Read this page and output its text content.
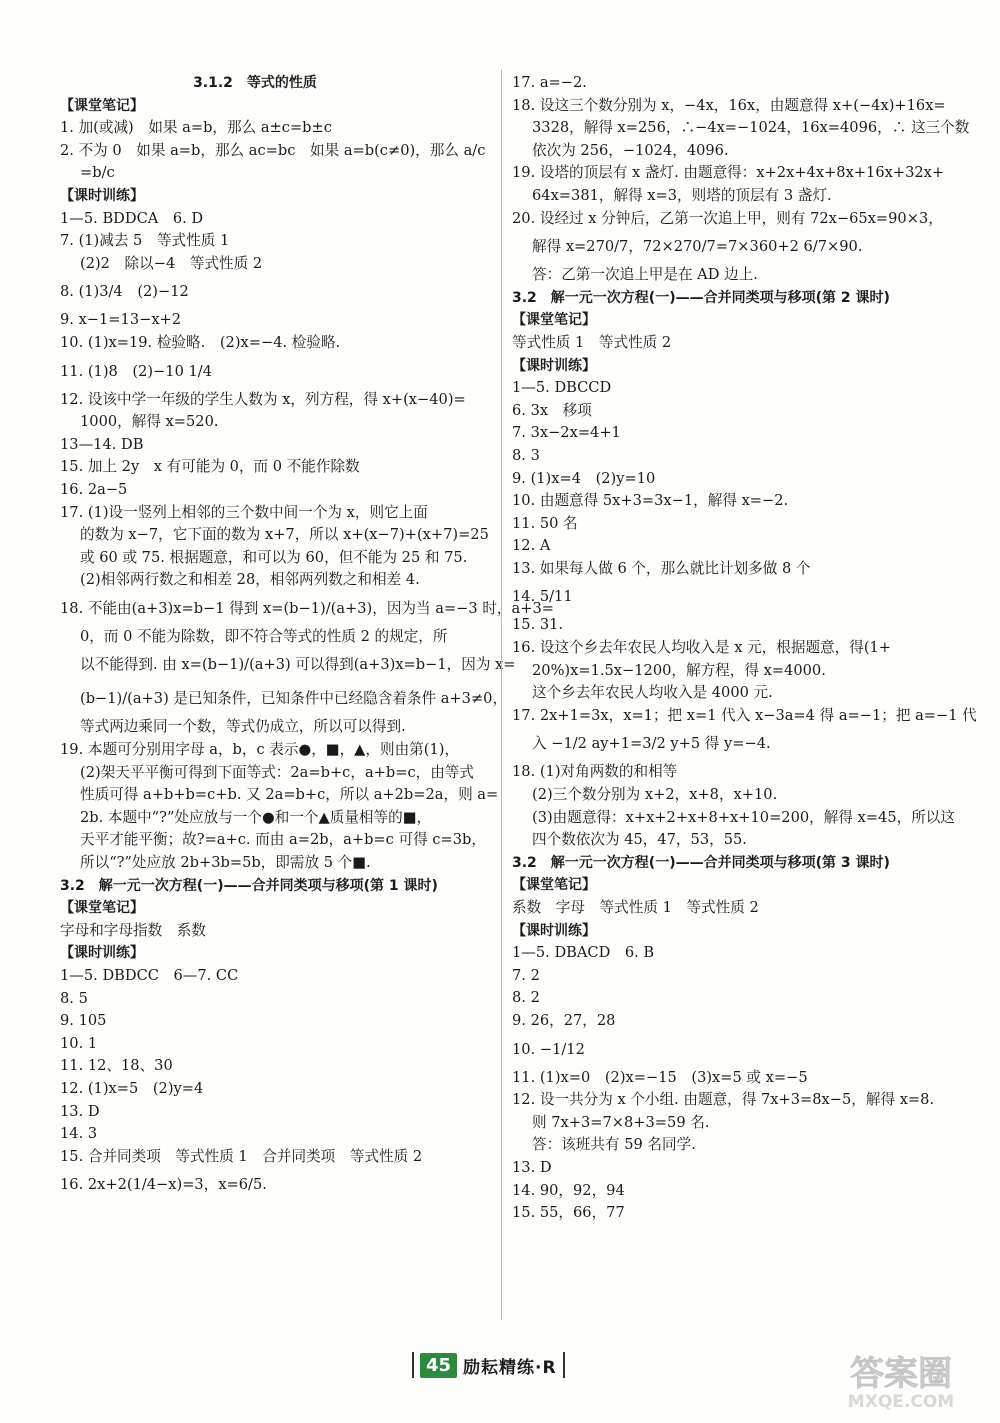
3.1.2　等式的性质
【课堂笔记】
1. 加(或减)　如果 a=b，那么 a±c=b±c
2. 不为 0　如果 a=b，那么 ac=bc　如果 a=b(c≠0)，那么 a/c
=b/c
【课时训练】
1—5. BDDCA　6. D
7. (1)减去 5　等式性质 1
(2)2　除以−4　等式性质 2
8. (1)3/4　(2)−12
9. x−1=13−x+2
10. (1)x=19. 检验略.　(2)x=−4. 检验略.
11. (1)8　(2)−10 1/4
12. 设该中学一年级的学生人数为 x，列方程，得 x+(x−40)=
1000，解得 x=520.
13—14. DB
15. 加上 2y　x 有可能为 0，而 0 不能作除数
16. 2a−5
17. (1)设一竖列上相邻的三个数中间一个为 x，则它上面
的数为 x−7，它下面的数为 x+7，所以 x+(x−7)+(x+7)=25
或 60 或 75. 根据题意，和可以为 60，但不能为 25 和 75.
(2)相邻两行数之和相差 28，相邻两列数之和相差 4.
18. 不能由(a+3)x=b−1 得到 x=(b−1)/(a+3)，因为当 a=−3 时，a+3=
0，而 0 不能为除数，即不符合等式的性质 2 的规定，所
以不能得到. 由 x=(b−1)/(a+3) 可以得到(a+3)x=b−1，因为 x=
(b−1)/(a+3) 是已知条件，已知条件中已经隐含着条件 a+3≠0，
等式两边乘同一个数，等式仍成立，所以可以得到.
19. 本题可分别用字母 a，b，c 表示●，■，▲，则由第(1)，
(2)架天平平衡可得到下面等式：2a=b+c，a+b=c，由等式
性质可得 a+b+b=c+b. 又 2a=b+c，所以 a+2b=2a，则 a=
2b. 本题中“?”处应放与一个●和一个▲质量相等的■，
天平才能平衡；故?=a+c. 而由 a=2b，a+b=c 可得 c=3b，
所以“?”处应放 2b+3b=5b，即需放 5 个■.
3.2　解一元一次方程(一)——合并同类项与移项(第 1 课时)
【课堂笔记】
字母和字母指数　系数
【课时训练】
1—5. DBDCC　6—7. CC
8. 5
9. 105
10. 1
11. 12、18、30
12. (1)x=5　(2)y=4
13. D
14. 3
15. 合并同类项　等式性质 1　合并同类项　等式性质 2
16. 2x+2(1/4−x)=3，x=6/5.
17. a=−2.
18. 设这三个数分别为 x，−4x，16x，由题意得 x+(−4x)+16x=
3328，解得 x=256，∴−4x=−1024，16x=4096，∴ 这三个数
依次为 256，−1024，4096.
19. 设塔的顶层有 x 盏灯. 由题意得：x+2x+4x+8x+16x+32x+
64x=381，解得 x=3，则塔的顶层有 3 盏灯.
20. 设经过 x 分钟后，乙第一次追上甲，则有 72x−65x=90×3，
解得 x=270/7，72×270/7=7×360+2 6/7×90.
答：乙第一次追上甲是在 AD 边上.
3.2　解一元一次方程(一)——合并同类项与移项(第 2 课时)
【课堂笔记】
等式性质 1　等式性质 2
【课时训练】
1—5. DBCCD
6. 3x　移项
7. 3x−2x=4+1
8. 3
9. (1)x=4　(2)y=10
10. 由题意得 5x+3=3x−1，解得 x=−2.
11. 50 名
12. A
13. 如果每人做 6 个，那么就比计划多做 8 个
14. 5/11
15. 31.
16. 设这个乡去年农民人均收入是 x 元，根据题意，得(1+
20%)x=1.5x−1200，解方程，得 x=4000.
这个乡去年农民人均收入是 4000 元.
17. 2x+1=3x，x=1；把 x=1 代入 x−3a=4 得 a=−1；把 a=−1 代
入 −1/2 ay+1=3/2 y+5 得 y=−4.
18. (1)对角两数的和相等
(2)三个数分别为 x+2，x+8，x+10.
(3)由题意得：x+x+2+x+8+x+10=200，解得 x=45，所以这
四个数依次为 45，47，53，55.
3.2　解一元一次方程(一)——合并同类项与移项(第 3 课时)
【课堂笔记】
系数　字母　等式性质 1　等式性质 2
【课时训练】
1—5. DBACD　6. B
7. 2
8. 2
9. 26，27，28
10. −1/12
11. (1)x=0　(2)x=−15　(3)x=5 或 x=−5
12. 设一共分为 x 个小组. 由题意，得 7x+3=8x−5，解得 x=8.
则 7x+3=7×8+3=59 名.
答：该班共有 59 名同学.
13. D
14. 90，92，94
15. 55，66，77
45 励耘精练·R	答案圈
MXQE.COM
